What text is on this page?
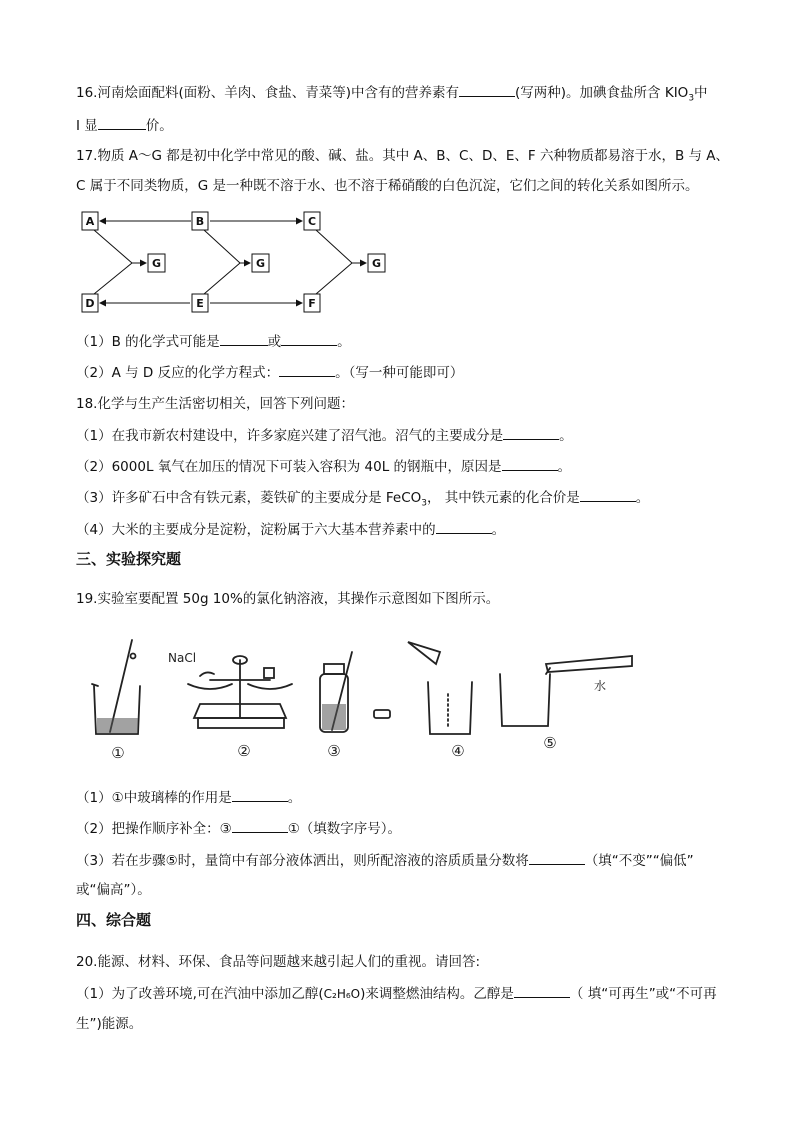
16.河南烩面配料(面粉、羊肉、食盐、青菜等)中含有的营养素有	(写两种)。加碘食盐所含 $KIO_3$中
I 显	价。
17.物质 A～G 都是初中化学中常见的酸、碱、盐。其中 A、B、C、D、E、F 六种物质都易溶于水，B 与 A、
C 属于不同类物质，G 是一种既不溶于水、也不溶于稀硝酸的白色沉淀，它们之间的转化关系如图所示。
A	B	C
D	E	F
G	G	G
（1）B 的化学式可能是	或	。
（2）A 与 D 反应的化学方程式：	。（写一种可能即可）
18.化学与生产生活密切相关，回答下列问题：
（1）在我市新农村建设中，许多家庭兴建了沼气池。沼气的主要成分是	。
（2）6000L 氧气在加压的情况下可装入容积为 40L 的钢瓶中，原因是	。
（3）许多矿石中含有铁元素，菱铁矿的主要成分是 FeCO$_3$， 其中铁元素的化合价是	。
（4）大米的主要成分是淀粉，淀粉属于六大基本营养素中的	。
三、实验探究题
19.实验室要配置 50g 10%的氯化钠溶液，其操作示意图如下图所示。
NaCl
水
①	②	③	④	⑤
（1）①中玻璃棒的作用是	。
（2）把操作顺序补全：③	①（填数字序号）。
（3）若在步骤⑤时，量筒中有部分液体洒出，则所配溶液的溶质质量分数将	（填“不变”“偏低”
或“偏高”）。
四、综合题
20.能源、材料、环保、食品等问题越来越引起人们的重视。请回答:
（1）为了改善环境,可在汽油中添加乙醇(C₂H₆O)来调整燃油结构。乙醇是	（ 填“可再生”或“不可再
生”)能源。
